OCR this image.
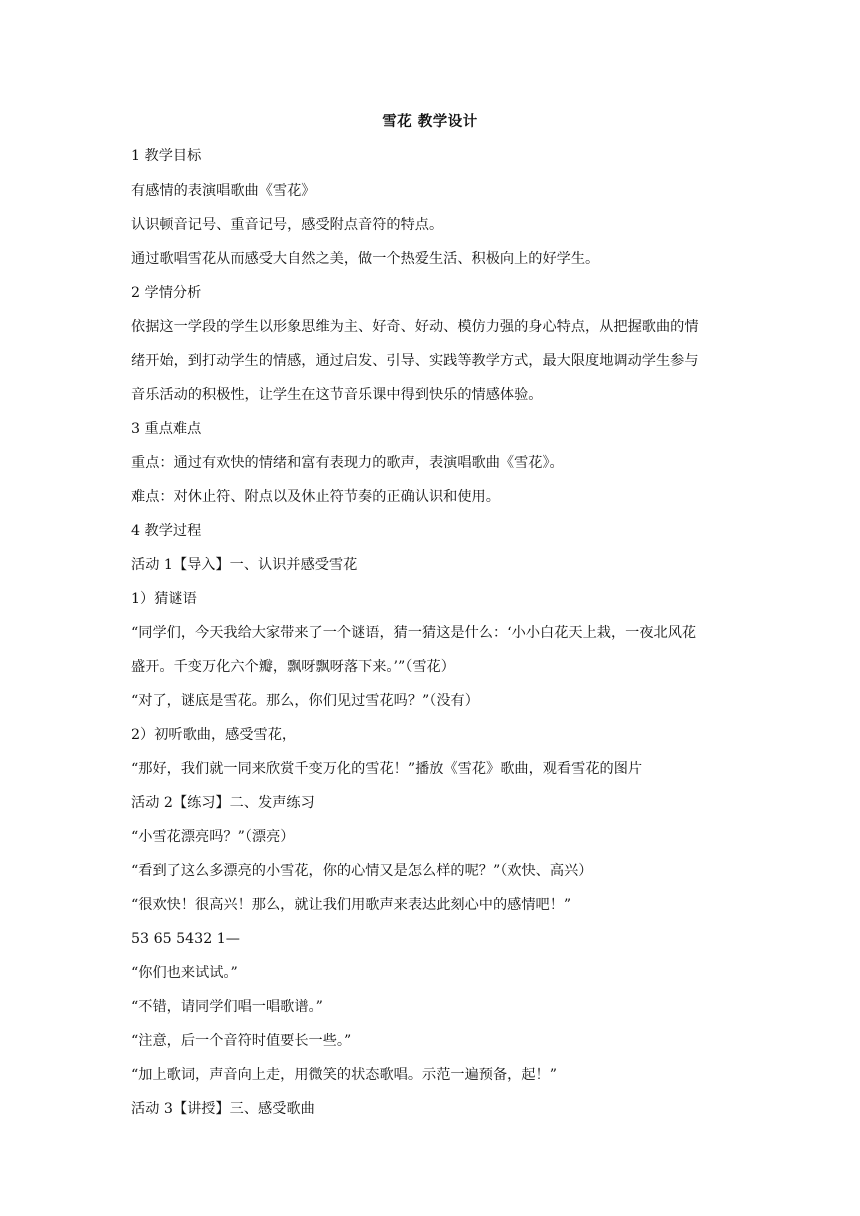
雪花 教学设计
1 教学目标
有感情的表演唱歌曲《雪花》
认识顿音记号、重音记号，感受附点音符的特点。
通过歌唱雪花从而感受大自然之美，做一个热爱生活、积极向上的好学生。
2 学情分析
依据这一学段的学生以形象思维为主、好奇、好动、模仿力强的身心特点，从把握歌曲的情
绪开始，到打动学生的情感，通过启发、引导、实践等教学方式，最大限度地调动学生参与
音乐活动的积极性，让学生在这节音乐课中得到快乐的情感体验。
3 重点难点
重点：通过有欢快的情绪和富有表现力的歌声，表演唱歌曲《雪花》。
难点：对休止符、附点以及休止符节奏的正确认识和使用。
4 教学过程
活动 1【导入】一、认识并感受雪花
1）猜谜语
“同学们，今天我给大家带来了一个谜语，猜一猜这是什么：‘小小白花天上栽，一夜北风花
盛开。千变万化六个瓣，飘呀飘呀落下来。’”（雪花）
“对了，谜底是雪花。那么，你们见过雪花吗？”（没有）
2）初听歌曲，感受雪花，
“那好，我们就一同来欣赏千变万化的雪花！”播放《雪花》歌曲，观看雪花的图片
活动 2【练习】二、发声练习
“小雪花漂亮吗？”（漂亮）
“看到了这么多漂亮的小雪花，你的心情又是怎么样的呢？”（欢快、高兴）
“很欢快！很高兴！那么，就让我们用歌声来表达此刻心中的感情吧！”
53 65 5432 1—
“你们也来试试。”
“不错，请同学们唱一唱歌谱。”
“注意，后一个音符时值要长一些。”
“加上歌词，声音向上走，用微笑的状态歌唱。示范一遍预备，起！”
活动 3【讲授】三、感受歌曲
